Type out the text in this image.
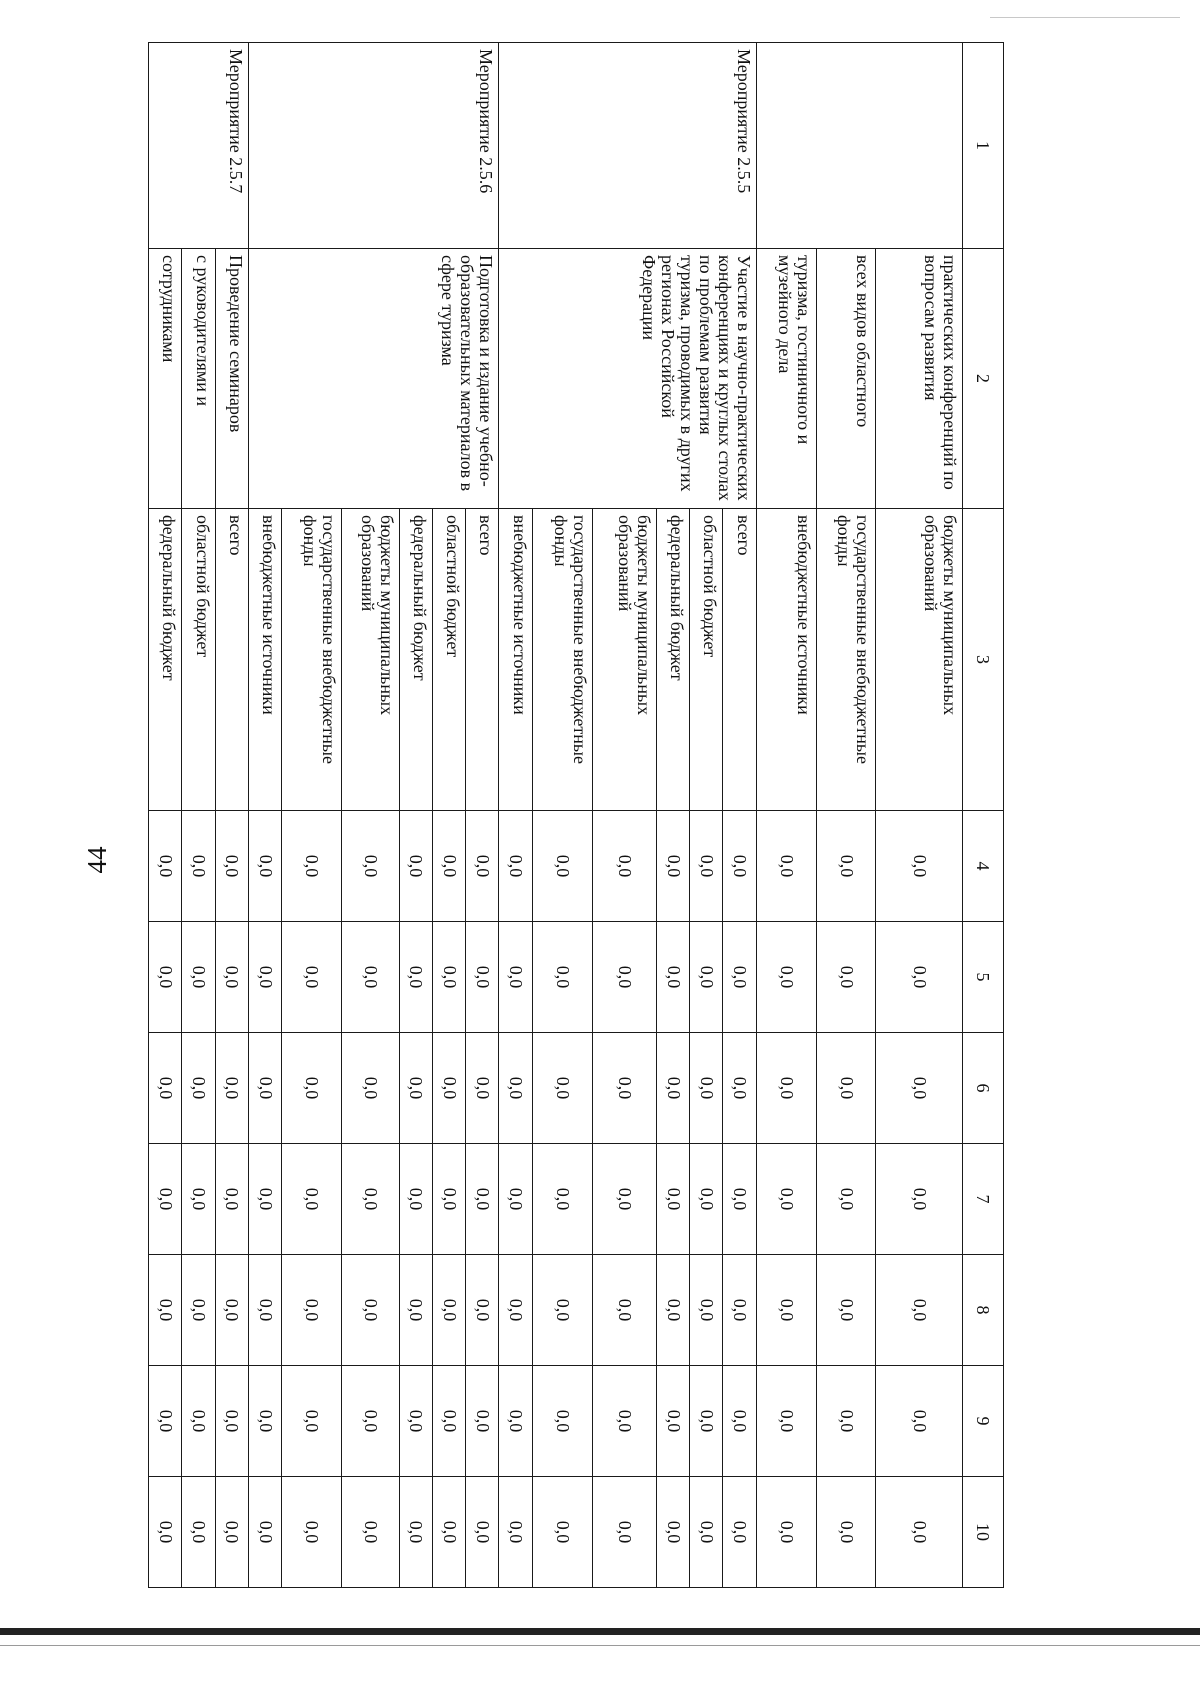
44
1	2	3	4	5	6	7	8	9	10
	практических конференций по вопросам развития	бюджеты муниципальных образований	0,0	0,0	0,0	0,0	0,0	0,0	0,0
	всех видов областного	государственные внебюджетные фонды	0,0	0,0	0,0	0,0	0,0	0,0	0,0
	туризма, гостиничного и музейного дела	внебюджетные источники	0,0	0,0	0,0	0,0	0,0	0,0	0,0
Мероприятие 2.5.5	Участие в научно-практических конференциях и круглых столах по проблемам развития туризма, проводимых в других регионах Российской Федерации	всего	0,0	0,0	0,0	0,0	0,0	0,0	0,0
		областной бюджет	0,0	0,0	0,0	0,0	0,0	0,0	0,0
		федеральный бюджет	0,0	0,0	0,0	0,0	0,0	0,0	0,0
		бюджеты муниципальных образований	0,0	0,0	0,0	0,0	0,0	0,0	0,0
		государственные внебюджетные фонды	0,0	0,0	0,0	0,0	0,0	0,0	0,0
		внебюджетные источники	0,0	0,0	0,0	0,0	0,0	0,0	0,0
Мероприятие 2.5.6	Подготовка и издание учебно-образовательных материалов в сфере туризма	всего	0,0	0,0	0,0	0,0	0,0	0,0	0,0
		областной бюджет	0,0	0,0	0,0	0,0	0,0	0,0	0,0
		федеральный бюджет	0,0	0,0	0,0	0,0	0,0	0,0	0,0
		бюджеты муниципальных образований	0,0	0,0	0,0	0,0	0,0	0,0	0,0
		государственные внебюджетные фонды	0,0	0,0	0,0	0,0	0,0	0,0	0,0
		внебюджетные источники	0,0	0,0	0,0	0,0	0,0	0,0	0,0
Мероприятие 2.5.7	Проведение семинаров	всего	0,0	0,0	0,0	0,0	0,0	0,0	0,0
	с руководителями и	областной бюджет	0,0	0,0	0,0	0,0	0,0	0,0	0,0
	сотрудниками	федеральный бюджет	0,0	0,0	0,0	0,0	0,0	0,0	0,0
